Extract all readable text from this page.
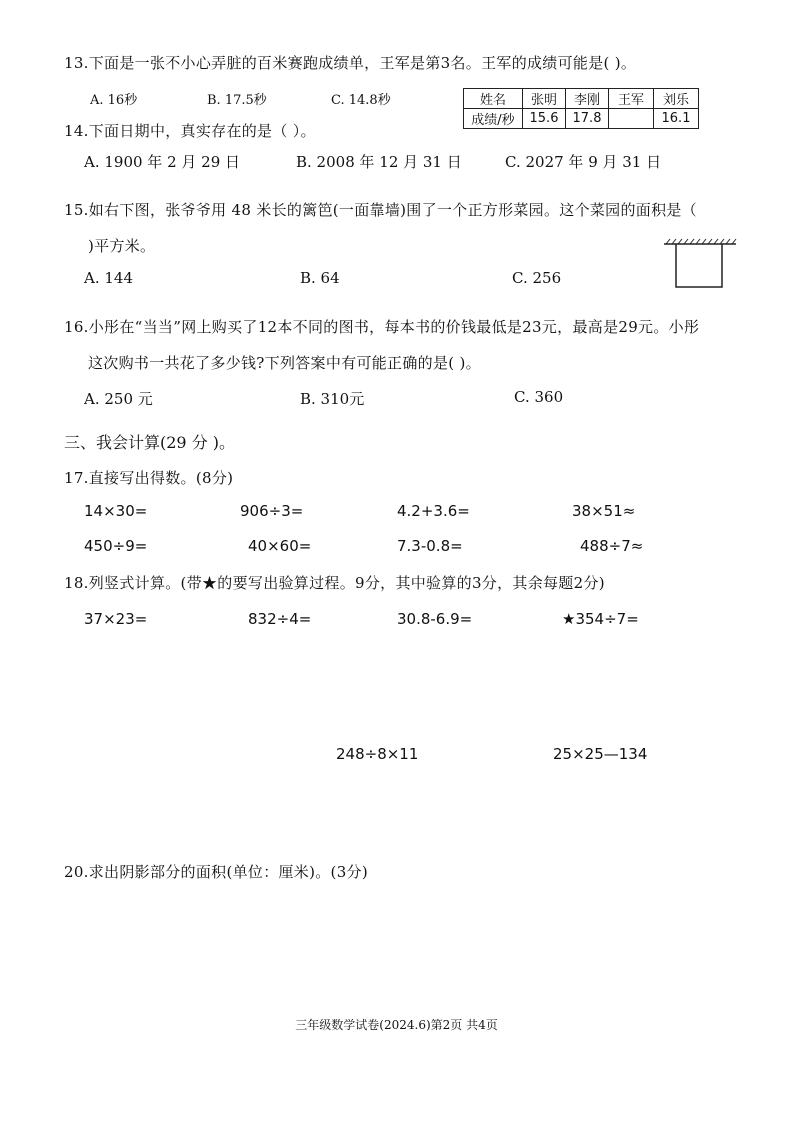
13.下面是一张不小心弄脏的百米赛跑成绩单，王军是第3名。王军的成绩可能是( )。
A. 16秒	B. 17.5秒	C. 14.8秒	姓名	张明	李刚	王军	刘乐
成绩/秒	15.6	17.8		16.1
14.下面日期中，真实存在的是（ ）。
A. 1900 年 2 月 29 日	B. 2008 年 12 月 31 日	C. 2027 年 9 月 31 日
15.如右下图，张爷爷用 48 米长的篱笆(一面靠墙)围了一个正方形菜园。这个菜园的面积是（
)平方米。
A. 144	B. 64	C. 256
16.小彤在“当当”网上购买了12本不同的图书，每本书的价钱最低是23元，最高是29元。小彤
这次购书一共花了多少钱?下列答案中有可能正确的是( )。
A. 250 元	B. 310元	C. 360
三、我会计算(29 分 )。
17.直接写出得数。(8分)
14×30=	906÷3=	4.2+3.6=	38×51≈
450÷9=	40×60=	7.3-0.8=	488÷7≈
18.列竖式计算。(带★的要写出验算过程。9分，其中验算的3分，其余每题2分)
37×23=	832÷4=	30.8-6.9=	★354÷7=
248÷8×11	25×25—134
20.求出阴影部分的面积(单位：厘米)。(3分)
三年级数学试卷(2024.6)第2页 共4页
